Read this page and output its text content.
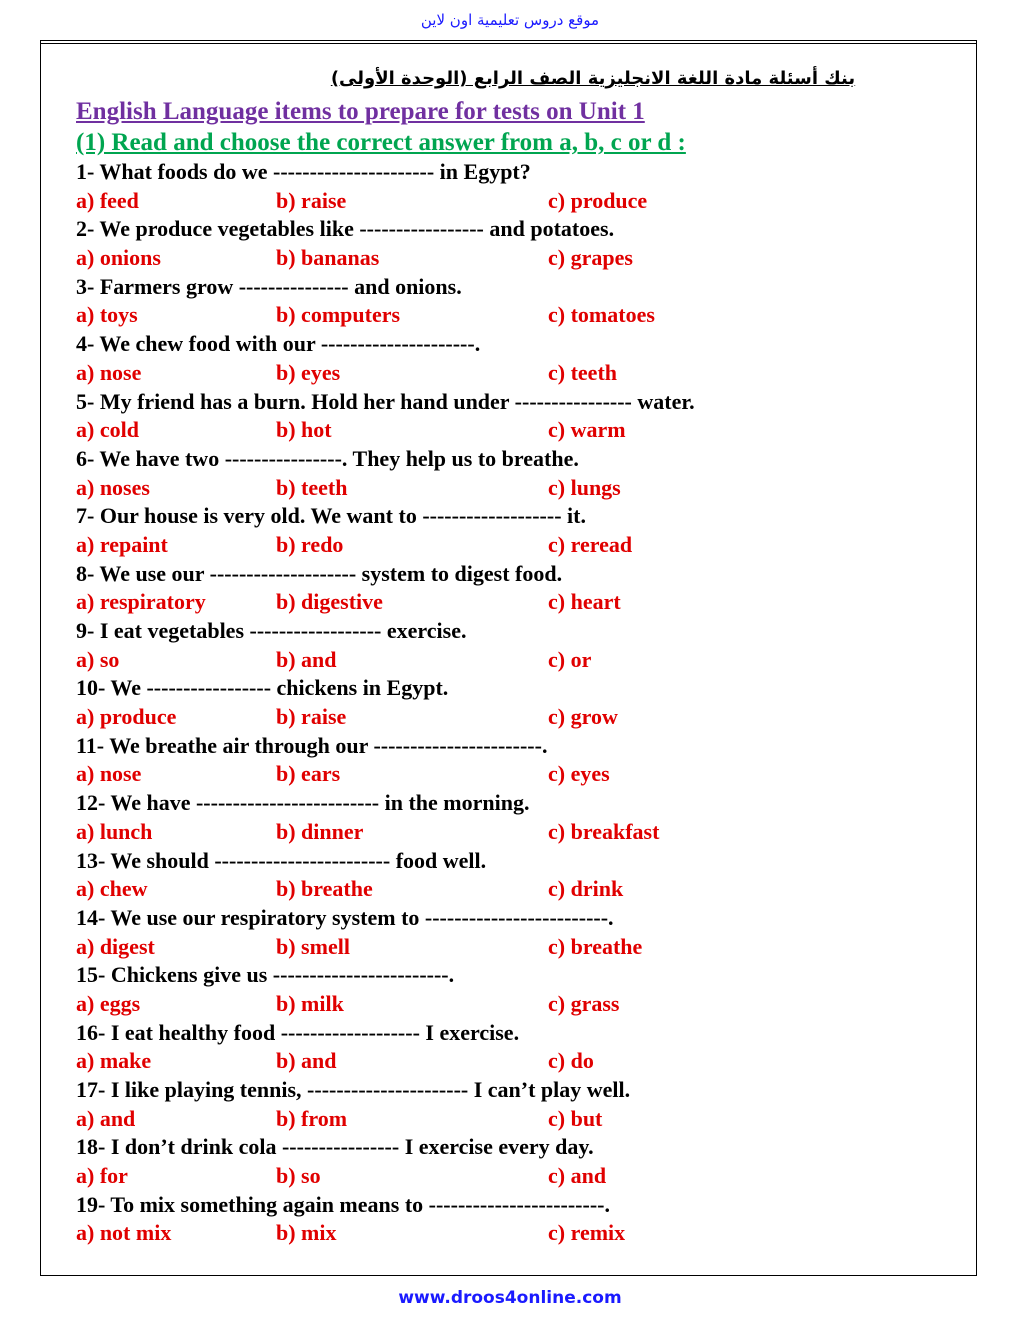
موقع دروس تعليمية اون لاين
بنك أسئلة مادة اللغة الانجليزية الصف الرابع (الوحدة الأولى)
English Language items to prepare for tests on Unit 1
(1) Read and choose the correct answer from a, b, c or d :
1- What foods do we ---------------------- in Egypt?
a) feed	b) raise	c) produce
2- We produce vegetables like ----------------- and potatoes.
a) onions	b) bananas	c) grapes
3- Farmers grow --------------- and onions.
a) toys	b) computers	c) tomatoes
4- We chew food with our ---------------------.
a) nose	b) eyes	c) teeth
5- My friend has a burn. Hold her hand under ---------------- water.
a) cold	b) hot	c) warm
6- We have two ----------------. They help us to breathe.
a) noses	b) teeth	c) lungs
7- Our house is very old. We want to ------------------- it.
a) repaint	b) redo	c) reread
8- We use our -------------------- system to digest food.
a) respiratory	b) digestive	c) heart
9- I eat vegetables ------------------ exercise.
a) so	b) and	c) or
10- We ----------------- chickens in Egypt.
a) produce	b) raise	c) grow
11- We breathe air through our -----------------------.
a) nose	b) ears	c) eyes
12- We have ------------------------- in the morning.
a) lunch	b) dinner	c) breakfast
13- We should ------------------------ food well.
a) chew	b) breathe	c) drink
14- We use our respiratory system to -------------------------.
a) digest	b) smell	c) breathe
15- Chickens give us ------------------------.
a) eggs	b) milk	c) grass
16- I eat healthy food ------------------- I exercise.
a) make	b) and	c) do
17- I like playing tennis, ---------------------- I can’t play well.
a) and	b) from	c) but
18- I don’t drink cola ---------------- I exercise every day.
a) for	b) so	c) and
19- To mix something again means to ------------------------.
a) not mix	b) mix	c) remix
www.droos4online.com
